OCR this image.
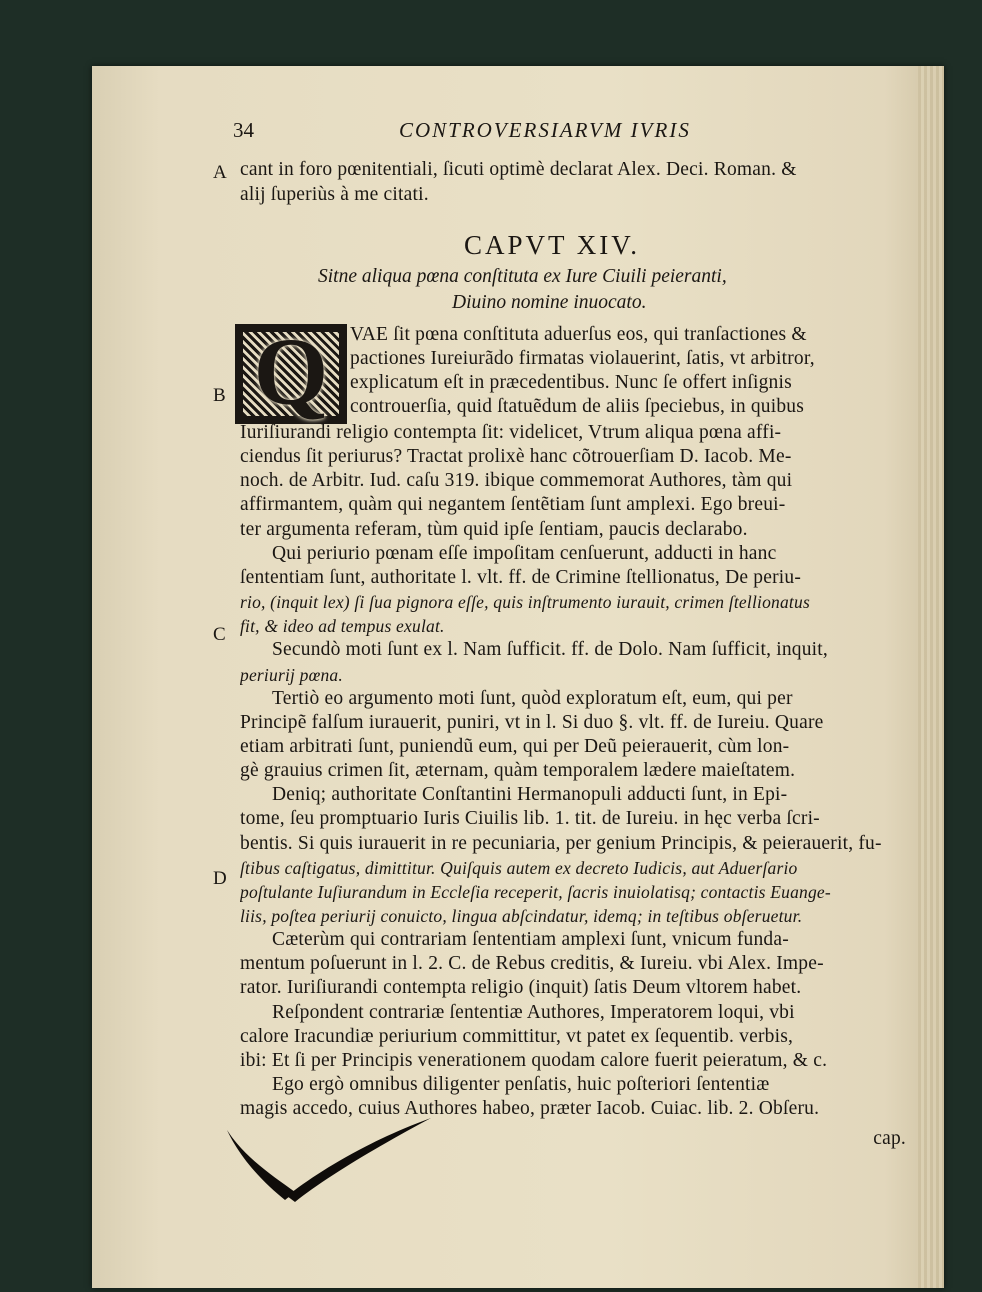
34	CONTROVERSIARVM IVRIS
A cant in foro pœnitentiali, ſicuti optimè declarat Alex. Deci. Roman. &
alij ſuperiùs à me citati.
CAPVT XIV.
Sitne aliqua pœna conſtituta ex Iure Ciuili peieranti,
Diuino nomine inuocato.
Q
B
VAE ſit pœna conſtituta aduerſus eos, qui tranſactiones &
pactiones Iureiurãdo firmatas violauerint, ſatis, vt arbitror,
explicatum eſt in præcedentibus. Nunc ſe offert inſignis
controuerſia, quid ſtatuẽdum de aliis ſpeciebus, in quibus
Iuriſiurandi religio contempta ſit: videlicet, Vtrum aliqua pœna affi-
ciendus ſit periurus? Tractat prolixè hanc cõtrouerſiam D. Iacob. Me-
noch. de Arbitr. Iud. caſu 319. ibique commemorat Authores, tàm qui
affirmantem, quàm qui negantem ſentẽtiam ſunt amplexi. Ego breui-
ter argumenta referam, tùm quid ipſe ſentiam, paucis declarabo.
Qui periurio pœnam eſſe impoſitam cenſuerunt, adducti in hanc
ſententiam ſunt, authoritate l. vlt. ff. de Crimine ſtellionatus, De periu-
rio, (inquit lex) ſi ſua pignora eſſe, quis inſtrumento iurauit, crimen ſtellionatus
fit, & ideo ad tempus exulat.
Secundò moti ſunt ex l. Nam ſufficit. ff. de Dolo. Nam ſufficit, inquit,
periurij pœna.
Tertiò eo argumento moti ſunt, quòd exploratum eſt, eum, qui per
Principẽ falſum iurauerit, puniri, vt in l. Si duo §. vlt. ff. de Iureiu. Quare
etiam arbitrati ſunt, puniendũ eum, qui per Deũ peierauerit, cùm lon-
gè grauius crimen ſit, æternam, quàm temporalem lædere maieſtatem.
Deniq; authoritate Conſtantini Hermanopuli adducti ſunt, in Epi-
tome, ſeu promptuario Iuris Ciuilis lib. 1. tit. de Iureiu. in hęc verba ſcri-
bentis. Si quis iurauerit in re pecuniaria, per genium Principis, & peierauerit, fu-
ſtibus caſtigatus, dimittitur. Quiſquis autem ex decreto Iudicis, aut Aduerſario
poſtulante Iuſiurandum in Eccleſia receperit, ſacris inuiolatisq; contactis Euange-
liis, poſtea periurij conuicto, lingua abſcindatur, idemq; in teſtibus obſeruetur.
Cæterùm qui contrariam ſententiam amplexi ſunt, vnicum funda-
mentum poſuerunt in l. 2. C. de Rebus creditis, & Iureiu. vbi Alex. Impe-
rator. Iuriſiurandi contempta religio (inquit) ſatis Deum vltorem habet.
Reſpondent contrariæ ſententiæ Authores, Imperatorem loqui, vbi
calore Iracundiæ periurium committitur, vt patet ex ſequentib. verbis,
ibi: Et ſi per Principis venerationem quodam calore fuerit peieratum, & c.
Ego ergò omnibus diligenter penſatis, huic poſteriori ſententiæ
magis accedo, cuius Authores habeo, præter Iacob. Cuiac. lib. 2. Obſeru.
C
D
cap.
